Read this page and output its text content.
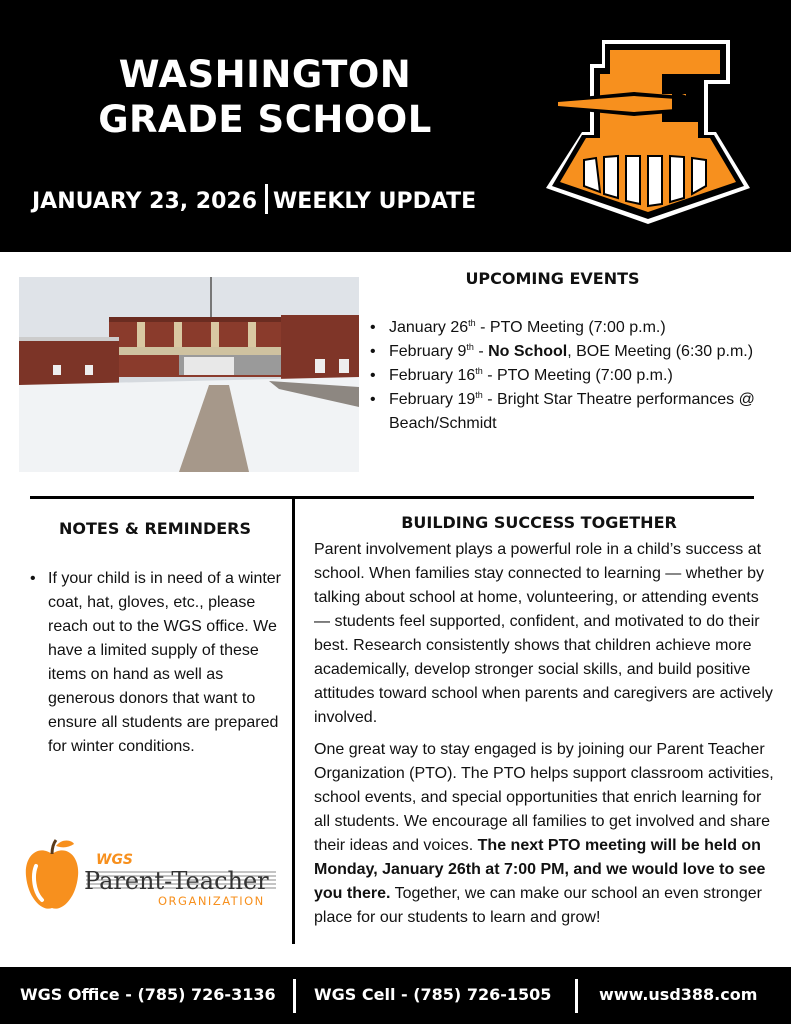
WASHINGTON
GRADE SCHOOL
JANUARY 23, 2026 WEEKLY UPDATE
UPCOMING EVENTS
• January 26th - PTO Meeting (7:00 p.m.)
• February 9th - No School, BOE Meeting (6:30 p.m.)
• February 16th - PTO Meeting (7:00 p.m.)
• February 19th - Bright Star Theatre performances @ Beach/Schmidt
NOTES & REMINDERS
• If your child is in need of a winter coat, hat, gloves, etc., please reach out to the WGS office. We have a limited supply of these items on hand as well as generous donors that want to ensure all students are prepared for winter conditions.
WGS
Parent-Teacher
ORGANIZATION
BUILDING SUCCESS TOGETHER

Parent involvement plays a powerful role in a child’s success at school. When families stay connected to learning — whether by talking about school at home, volunteering, or attending events — students feel supported, confident, and motivated to do their best. Research consistently shows that children achieve more academically, develop stronger social skills, and build positive attitudes toward school when parents and caregivers are actively involved.

One great way to stay engaged is by joining our Parent Teacher Organization (PTO). The PTO helps support classroom activities, school events, and special opportunities that enrich learning for all students. We encourage all families to get involved and share their ideas and voices. The next PTO meeting will be held on Monday, January 26th at 7:00 PM, and we would love to see you there. Together, we can make our school an even stronger place for our students to learn and grow!

WGS Office - (785) 726-3136 WGS Cell - (785) 726-1505	www.usd388.com
